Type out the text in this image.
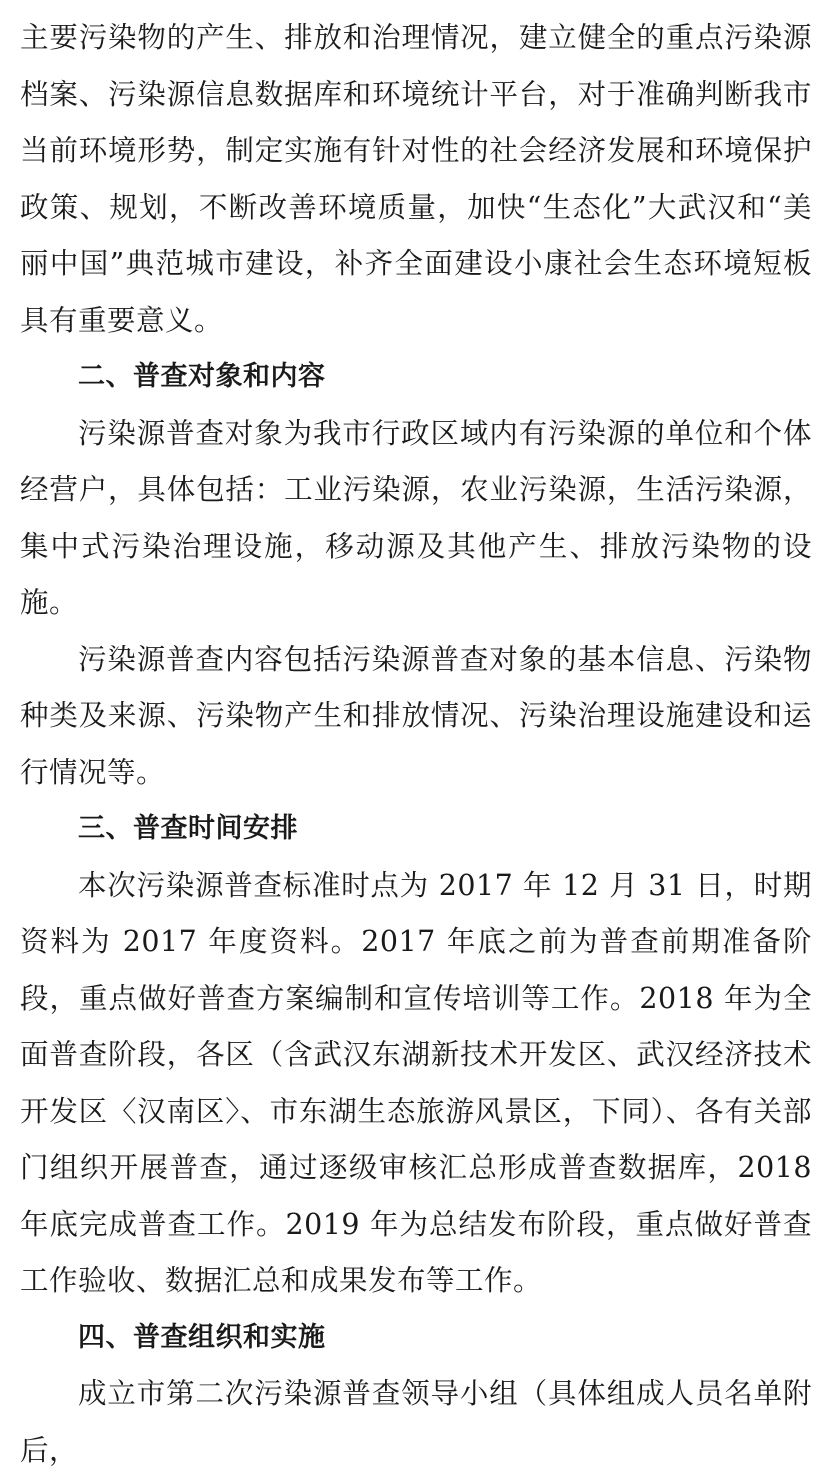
主要污染物的产生、排放和治理情况，建立健全的重点污染源档案、污染源信息数据库和环境统计平台，对于准确判断我市当前环境形势，制定实施有针对性的社会经济发展和环境保护政策、规划，不断改善环境质量，加快“生态化”大武汉和“美丽中国”典范城市建设，补齐全面建设小康社会生态环境短板具有重要意义。

二、普查对象和内容

污染源普查对象为我市行政区域内有污染源的单位和个体经营户，具体包括：工业污染源，农业污染源，生活污染源，集中式污染治理设施，移动源及其他产生、排放污染物的设施。

污染源普查内容包括污染源普查对象的基本信息、污染物种类及来源、污染物产生和排放情况、污染治理设施建设和运行情况等。

三、普查时间安排

本次污染源普查标准时点为 2017 年 12 月 31 日，时期资料为 2017 年度资料。2017 年底之前为普查前期准备阶段，重点做好普查方案编制和宣传培训等工作。2018 年为全面普查阶段，各区（含武汉东湖新技术开发区、武汉经济技术开发区〈汉南区〉、市东湖生态旅游风景区，下同）、各有关部门组织开展普查，通过逐级审核汇总形成普查数据库，2018 年底完成普查工作。2019 年为总结发布阶段，重点做好普查工作验收、数据汇总和成果发布等工作。

四、普查组织和实施

成立市第二次污染源普查领导小组（具体组成人员名单附后，
